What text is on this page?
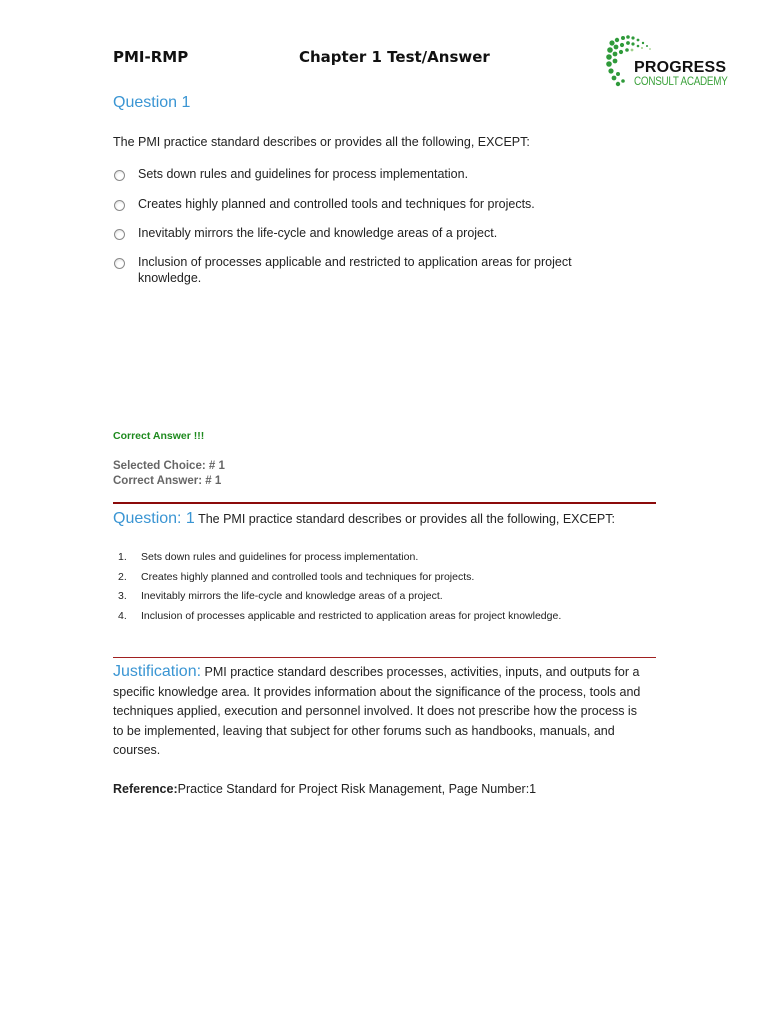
PMI-RMP	Chapter 1 Test/Answer
PROGRESS
CONSULT ACADEMY
Question 1
The PMI practice standard describes or provides all the following, EXCEPT:
Sets down rules and guidelines for process implementation.
Creates highly planned and controlled tools and techniques for projects.
Inevitably mirrors the life-cycle and knowledge areas of a project.
Inclusion of processes applicable and restricted to application areas for project knowledge.
Correct Answer !!!
Selected Choice: # 1
Correct Answer: # 1
Question: 1 The PMI practice standard describes or provides all the following, EXCEPT:
1. Sets down rules and guidelines for process implementation.
2. Creates highly planned and controlled tools and techniques for projects.
3. Inevitably mirrors the life-cycle and knowledge areas of a project.
4. Inclusion of processes applicable and restricted to application areas for project knowledge.
Justification: PMI practice standard describes processes, activities, inputs, and outputs for a specific knowledge area. It provides information about the significance of the process, tools and techniques applied, execution and personnel involved. It does not prescribe how the process is to be implemented, leaving that subject for other forums such as handbooks, manuals, and courses.
Reference:Practice Standard for Project Risk Management, Page Number:1
